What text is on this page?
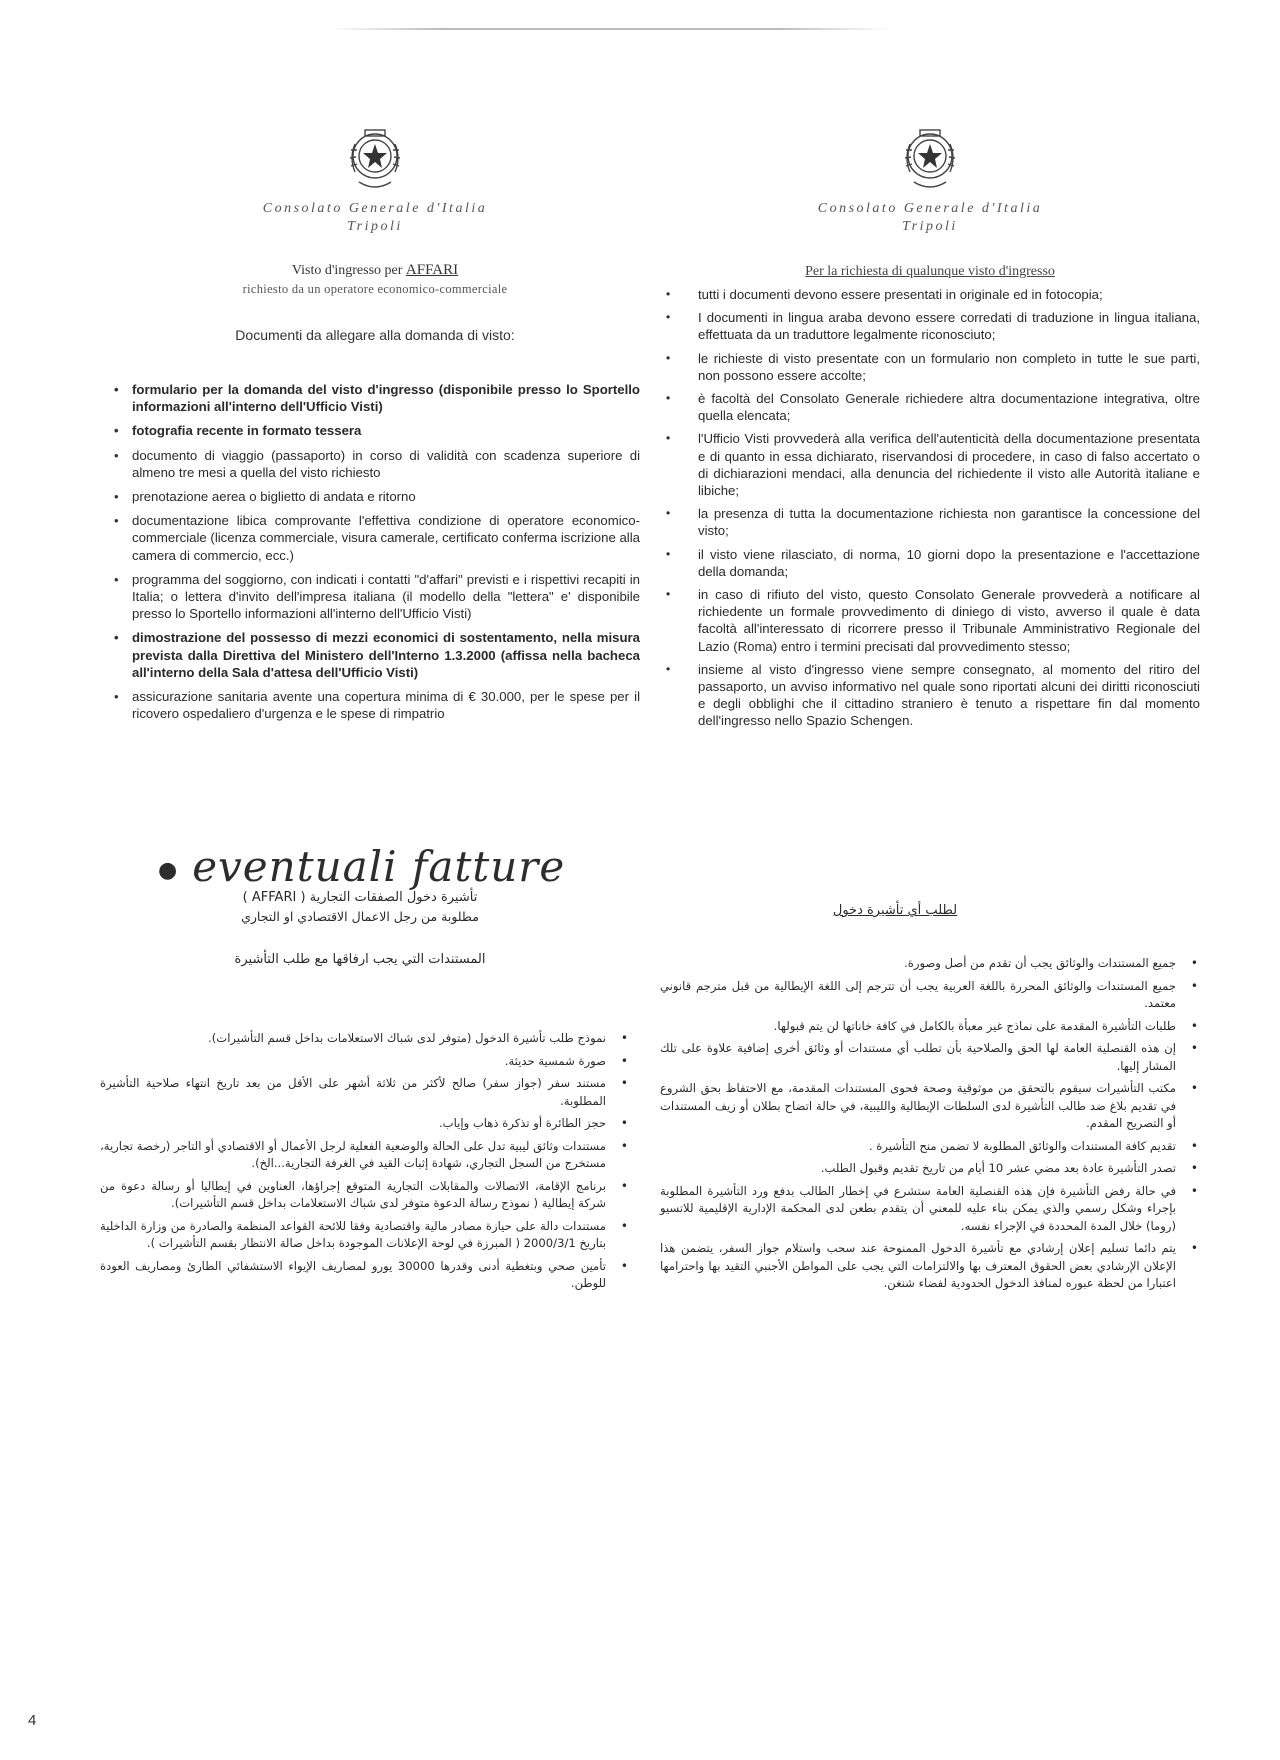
Consolato Generale d'Italia
Tripoli
Visto d'ingresso per AFFARI
richiesto da un operatore economico-commerciale
Documenti da allegare alla domanda di visto:
• formulario per la domanda del visto d'ingresso (disponibile presso lo Sportello informazioni all'interno dell'Ufficio Visti)
• fotografia recente in formato tessera
• documento di viaggio (passaporto) in corso di validità con scadenza superiore di almeno tre mesi a quella del visto richiesto
• prenotazione aerea o biglietto di andata e ritorno
• documentazione libica comprovante l'effettiva condizione di operatore economico-commerciale (licenza commerciale, visura camerale, certificato conferma iscrizione alla camera di commercio, ecc.)
• programma del soggiorno, con indicati i contatti "d'affari" previsti e i rispettivi recapiti in Italia; o lettera d'invito dell'impresa italiana (il modello della "lettera" e' disponibile presso lo Sportello informazioni all'interno dell'Ufficio Visti)
• dimostrazione del possesso di mezzi economici di sostentamento, nella misura prevista dalla Direttiva del Ministero dell'Interno 1.3.2000 (affissa nella bacheca all'interno della Sala d'attesa dell'Ufficio Visti)
• assicurazione sanitaria avente una copertura minima di € 30.000, per le spese per il ricovero ospedaliero d'urgenza e le spese di rimpatrio
● eventuali fatture
Consolato Generale d'Italia
Tripoli
Per la richiesta di qualunque visto d'ingresso
• tutti i documenti devono essere presentati in originale ed in fotocopia;
• I documenti in lingua araba devono essere corredati di traduzione in lingua italiana, effettuata da un traduttore legalmente riconosciuto;
• le richieste di visto presentate con un formulario non completo in tutte le sue parti, non possono essere accolte;
• è facoltà del Consolato Generale richiedere altra documentazione integrativa, oltre quella elencata;
• l'Ufficio Visti provvederà alla verifica dell'autenticità della documentazione presentata e di quanto in essa dichiarato, riservandosi di procedere, in caso di falso accertato o di dichiarazioni mendaci, alla denuncia del richiedente il visto alle Autorità italiane e libiche;
• la presenza di tutta la documentazione richiesta non garantisce la concessione del visto;
• il visto viene rilasciato, di norma, 10 giorni dopo la presentazione e l'accettazione della domanda;
• in caso di rifiuto del visto, questo Consolato Generale provvederà a notificare al richiedente un formale provvedimento di diniego di visto, avverso il quale è data facoltà all'interessato di ricorrere presso il Tribunale Amministrativo Regionale del Lazio (Roma) entro i termini precisati dal provvedimento stesso;
• insieme al visto d'ingresso viene sempre consegnato, al momento del ritiro del passaporto, un avviso informativo nel quale sono riportati alcuni dei diritti riconosciuti e degli obblighi che il cittadino straniero è tenuto a rispettare fin dal momento dell'ingresso nello Spazio Schengen.
تأشيرة دخول الصفقات التجارية ( AFFARI )
مطلوبة من رجل الاعمال الاقتصادي او التجاري
المستندات التي يجب ارفاقها مع طلب التأشيرة
• نموذج طلب تأشيرة الدخول (متوفر لدى شباك الاستعلامات بداخل قسم التأشيرات).
• صورة شمسية حديثة.
• مستند سفر (جواز سفر) صالح لأكثر من ثلاثة أشهر على الأقل من بعد تاريخ انتهاء صلاحية التأشيرة المطلوبة.
• حجز الطائرة أو تذكرة ذهاب وإياب.
• مستندات وثائق ليبية تدل على الحالة والوضعية الفعلية لرجل الأعمال أو الاقتصادي أو التاجر (رخصة تجارية، مستخرج من السجل التجاري، شهادة إثبات القيد في الغرفة التجارية...الخ).
• برنامج الإقامة، الاتصالات والمقابلات التجارية المتوقع إجراؤها، العناوين في إيطاليا أو رسالة دعوة من شركة إيطالية ( نموذج رسالة الدعوة متوفر لدى شباك الاستعلامات بداخل قسم التأشيرات).
• مستندات دالة على حيازة مصادر مالية واقتصادية وفقا للائحة القواعد المنظمة والصادرة من وزارة الداخلية بتاريخ 2000/3/1 ( المبرزة في لوحة الإعلانات الموجودة بداخل صالة الانتظار بقسم التأشيرات ).
• تأمين صحي وبتغطية أدنى وقدرها 30000 يورو لمصاريف الإيواء الاستشفائي الطارئ ومصاريف العودة للوطن.
لطلب أي تأشيرة دخول
• جميع المستندات والوثائق يجب أن تقدم من أصل وصورة.
• جميع المستندات والوثائق المحررة باللغة العربية يجب أن تترجم إلى اللغة الإيطالية من قبل مترجم قانوني معتمد.
• طلبات التأشيرة المقدمة على نماذج غير معبأة بالكامل في كافة خاناتها لن يتم قبولها.
• إن هذه القنصلية العامة لها الحق والصلاحية بأن تطلب أي مستندات أو وثائق أخرى إضافية علاوة على تلك المشار إليها.
• مكتب التأشيرات سيقوم بالتحقق من موثوقية وصحة فحوى المستندات المقدمة، مع الاحتفاظ بحق الشروع في تقديم بلاغ ضد طالب التأشيرة لدى السلطات الإيطالية والليبية، في حالة اتضاح بطلان أو زيف المستندات أو التصريح المقدم.
• تقديم كافة المستندات والوثائق المطلوبة لا تضمن منح التأشيرة .
• تصدر التأشيرة عادة بعد مضي عشر 10 أيام من تاريخ تقديم وقبول الطلب.
• في حالة رفض التأشيرة فإن هذه القنصلية العامة ستشرع في إخطار الطالب بدفع ورد التأشيرة المطلوبة بإجراء وشكل رسمي والذي يمكن بناء عليه للمعني أن يتقدم بطعن لدى المحكمة الإدارية الإقليمية للاتسيو (روما) خلال المدة المحددة في الإجراء نفسه.
• يتم دائما تسليم إعلان إرشادي مع تأشيرة الدخول الممنوحة عند سحب واستلام جواز السفر، يتضمن هذا الإعلان الإرشادي بعض الحقوق المعترف بها والالتزامات التي يجب على المواطن الأجنبي التقيد بها واحترامها اعتبارا من لحظة عبوره لمنافذ الدخول الحدودية لفضاء شنغن.
4
